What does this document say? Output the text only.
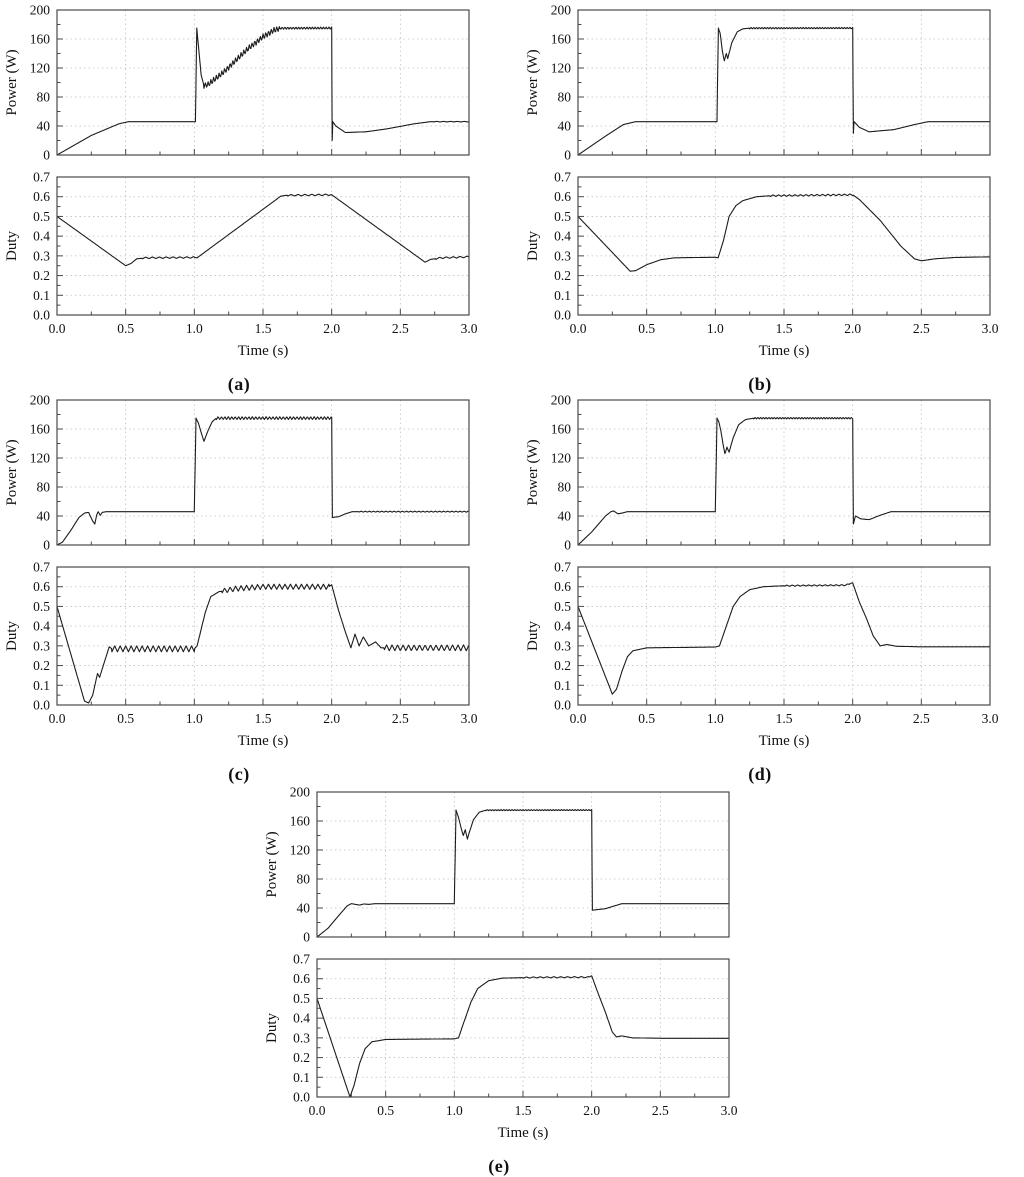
0
40
80
120
160
200
Power (W)
0.0
0.1
0.2
0.3
0.4
0.5
0.6
0.7
0.0	0.5	1.0	1.5	2.0	2.5	3.0
Duty
Time (s)
(a)
0
40
80
120
160
200
Power (W)
0.0
0.1
0.2
0.3
0.4
0.5
0.6
0.7
0.0	0.5	1.0	1.5	2.0	2.5	3.0
Duty
Time (s)
(b)
0
40
80
120
160
200
Power (W)
0.0
0.1
0.2
0.3
0.4
0.5
0.6
0.7
0.0	0.5	1.0	1.5	2.0	2.5	3.0
Duty
Time (s)
(c)
0
40
80
120
160
200
Power (W)
0.0
0.1
0.2
0.3
0.4
0.5
0.6
0.7
0.0	0.5	1.0	1.5	2.0	2.5	3.0
Duty
Time (s)
(d)
0
40
80
120
160
200
Power (W)
0.0
0.1
0.2
0.3
0.4
0.5
0.6
0.7
0.0	0.5	1.0	1.5	2.0	2.5	3.0
Duty
Time (s)
(e)
